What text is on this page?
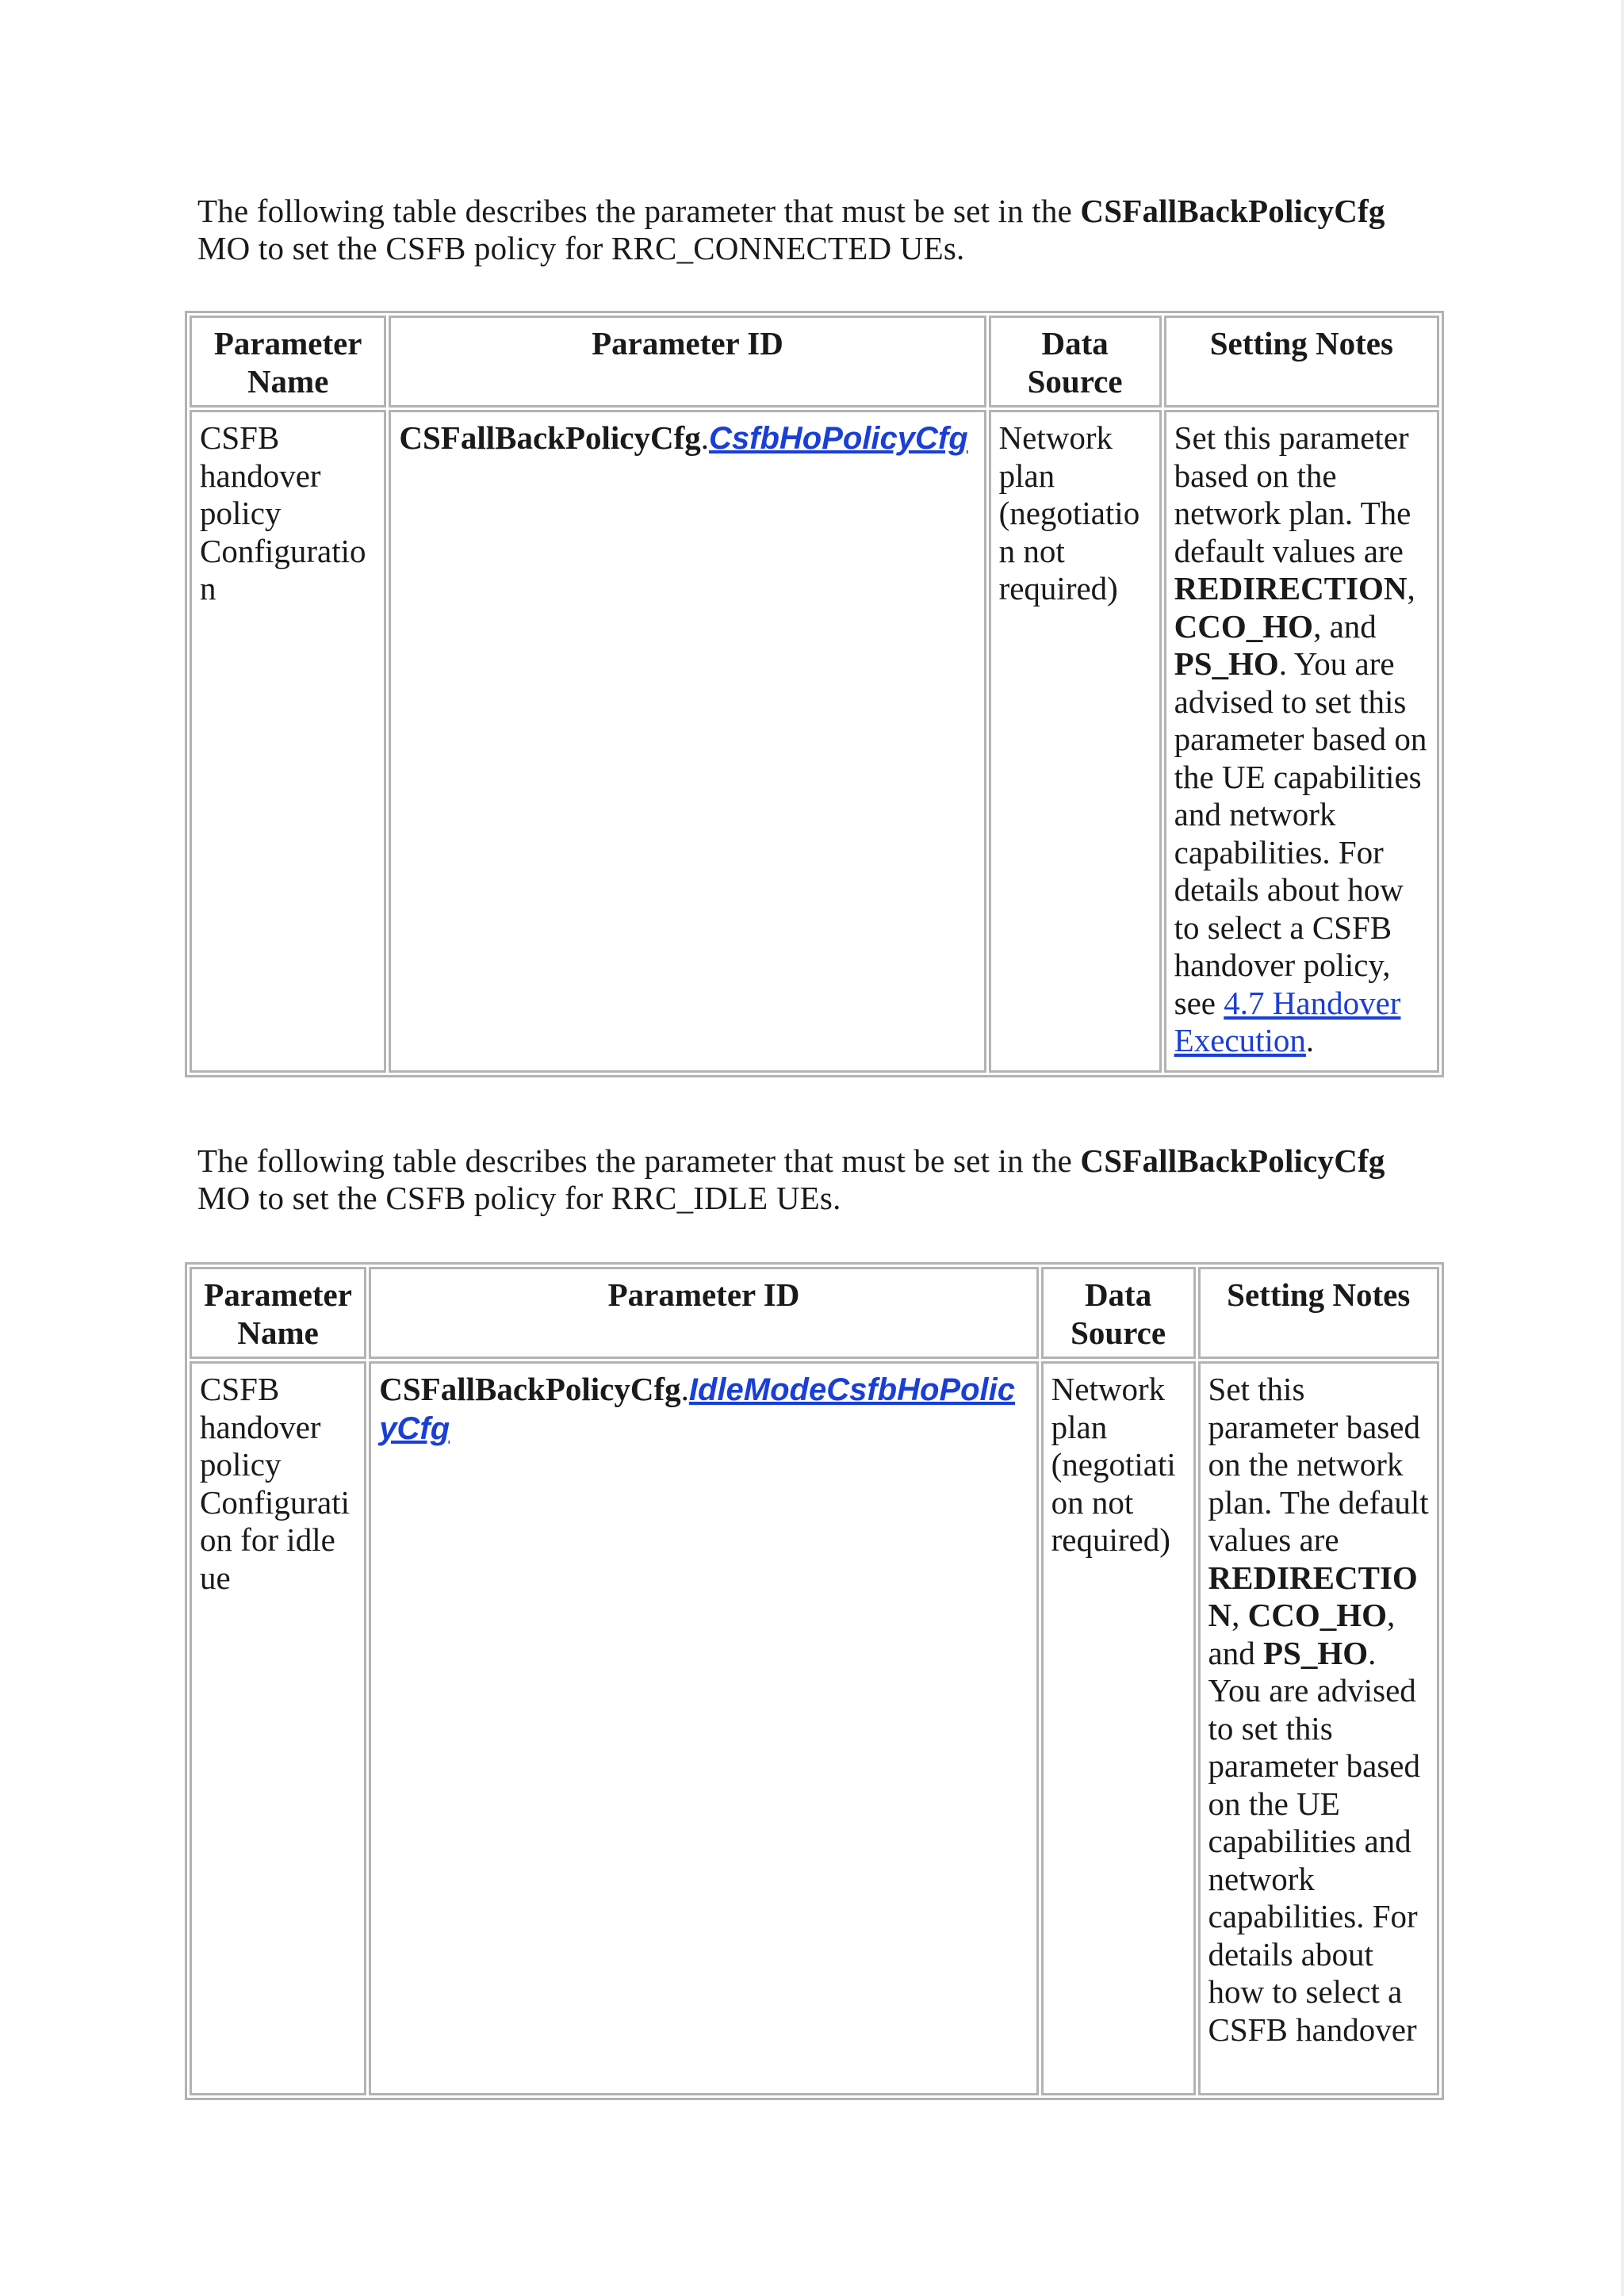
The following table describes the parameter that must be set in the CSFallBackPolicyCfg MO to set the CSFB policy for RRC_CONNECTED UEs.

Parameter Name	Parameter ID	Data Source	Setting Notes
CSFB handover policy Configuration	CSFallBackPolicyCfg.CsfbHoPolicyCfg	Network plan (negotiation not required)	Set this parameter based on the network plan. The default values are REDIRECTION, CCO_HO, and PS_HO. You are advised to set this parameter based on the UE capabilities and network capabilities. For details about how to select a CSFB handover policy, see 4.7 Handover Execution.

The following table describes the parameter that must be set in the CSFallBackPolicyCfg MO to set the CSFB policy for RRC_IDLE UEs.

Parameter Name	Parameter ID	Data Source	Setting Notes
CSFB handover policy Configuration for idle ue	CSFallBackPolicyCfg.IdleModeCsfbHoPolicyCfg	Network plan (negotiation not required)	Set this parameter based on the network plan. The default values are REDIRECTION, CCO_HO, and PS_HO. You are advised to set this parameter based on the UE capabilities and network capabilities. For details about how to select a CSFB handover
